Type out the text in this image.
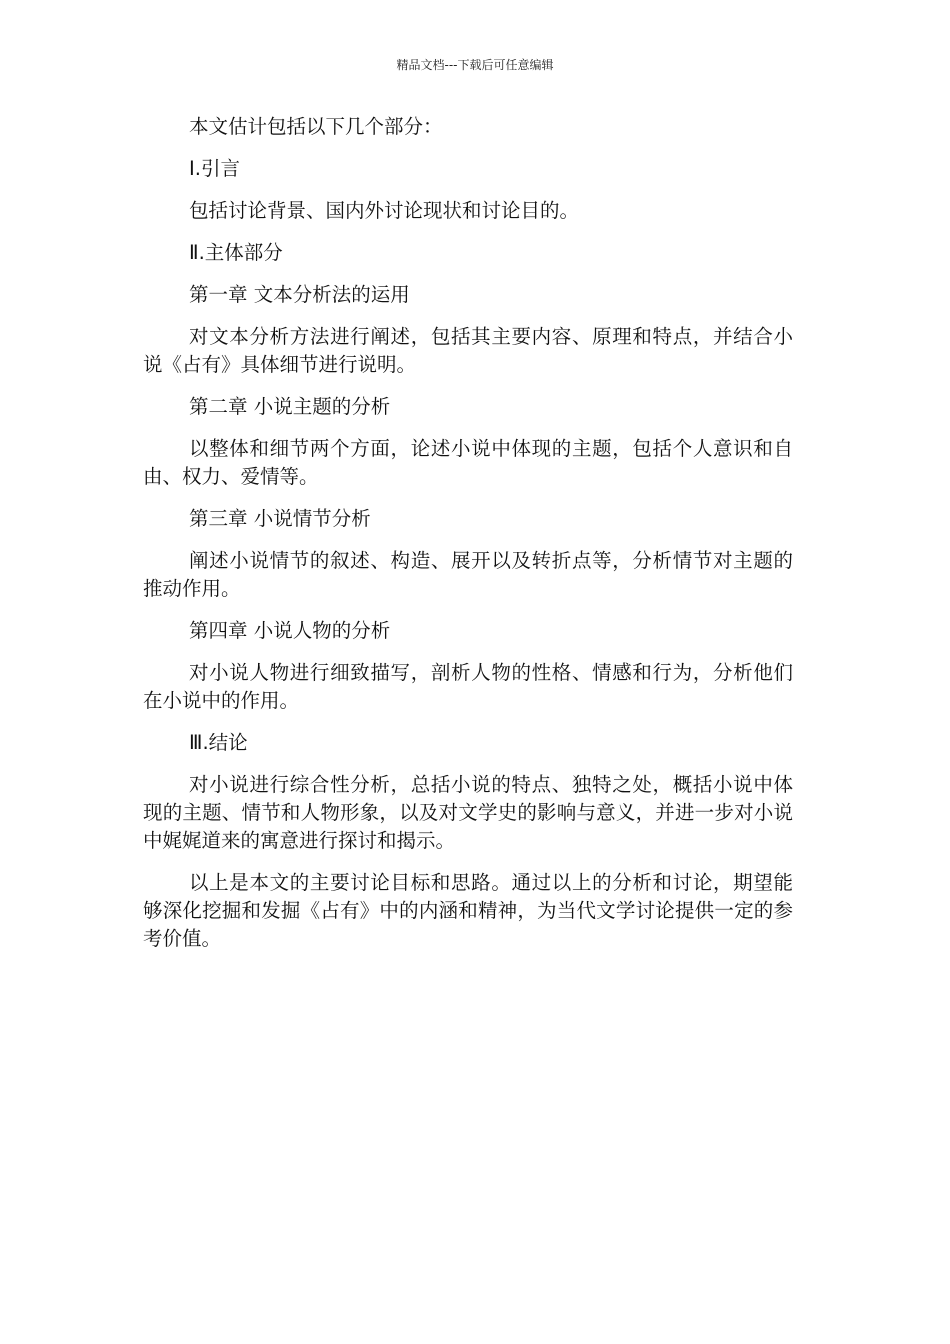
精品文档---下载后可任意编辑

本文估计包括以下几个部分：

Ⅰ.引言

包括讨论背景、国内外讨论现状和讨论目的。

Ⅱ.主体部分

第一章 文本分析法的运用

对文本分析方法进行阐述，包括其主要内容、原理和特点，并结合小说《占有》具体细节进行说明。

第二章 小说主题的分析

以整体和细节两个方面，论述小说中体现的主题，包括个人意识和自由、权力、爱情等。

第三章 小说情节分析

阐述小说情节的叙述、构造、展开以及转折点等，分析情节对主题的推动作用。

第四章 小说人物的分析

对小说人物进行细致描写，剖析人物的性格、情感和行为，分析他们在小说中的作用。

Ⅲ.结论

对小说进行综合性分析，总括小说的特点、独特之处，概括小说中体现的主题、情节和人物形象，以及对文学史的影响与意义，并进一步对小说中娓娓道来的寓意进行探讨和揭示。

以上是本文的主要讨论目标和思路。通过以上的分析和讨论，期望能够深化挖掘和发掘《占有》中的内涵和精神，为当代文学讨论提供一定的参考价值。
